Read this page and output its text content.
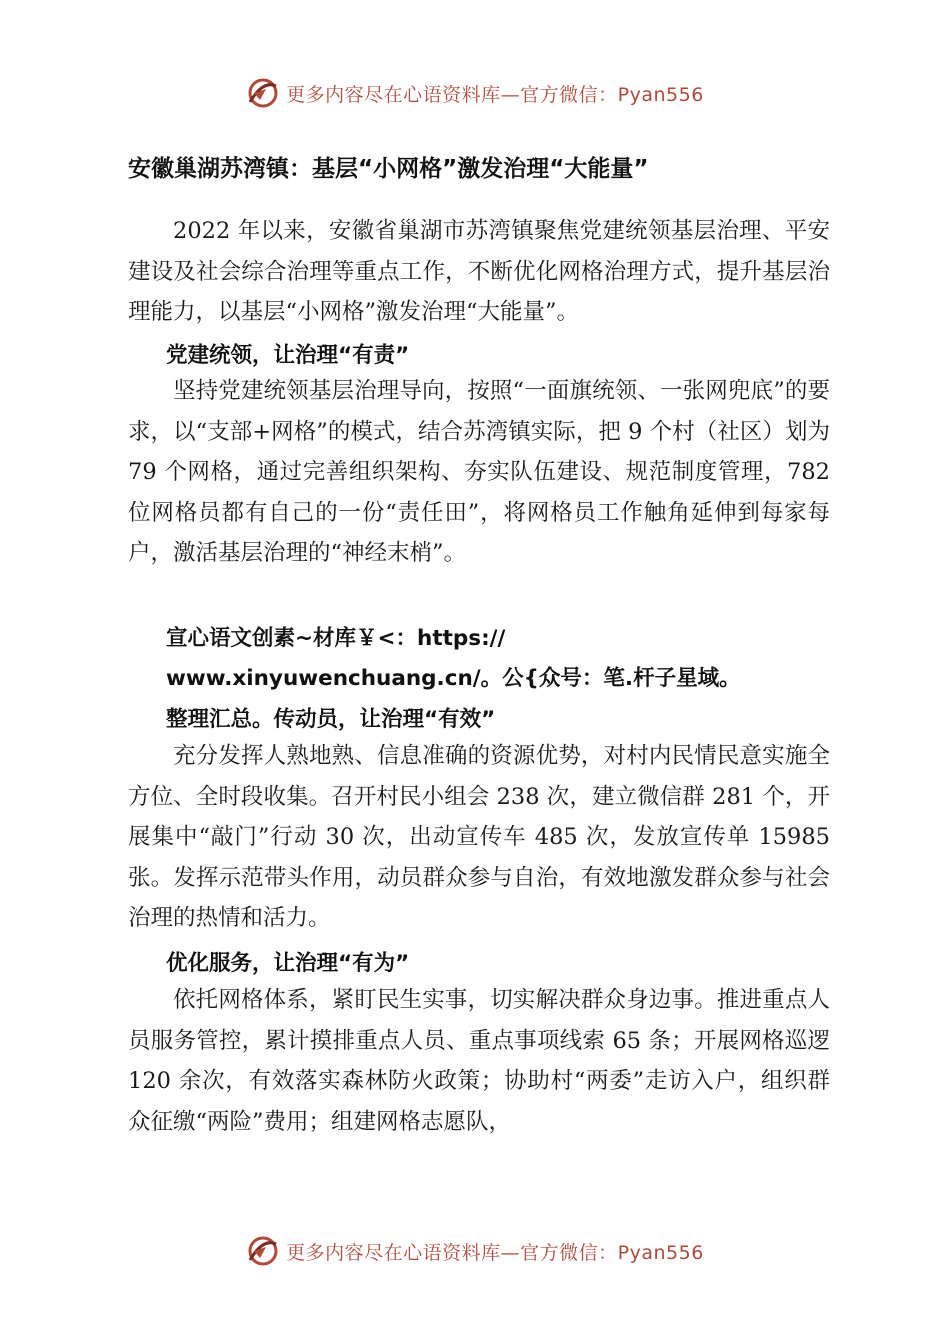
更多内容尽在心语资料库—官方微信：Pyan556
安徽巢湖苏湾镇：基层“小网格”激发治理“大能量”

2022 年以来，安徽省巢湖市苏湾镇聚焦党建统领基层治理、平安建设及社会综合治理等重点工作，不断优化网格治理方式，提升基层治理能力，以基层“小网格”激发治理“大能量”。

党建统领，让治理“有责”

坚持党建统领基层治理导向，按照“一面旗统领、一张网兜底”的要求，以“支部+网格”的模式，结合苏湾镇实际，把 9 个村（社区）划为 79 个网格，通过完善组织架构、夯实队伍建设、规范制度管理，782 位网格员都有自己的一份“责任田”，将网格员工作触角延伸到每家每户，激活基层治理的“神经末梢”。

宣心语文创素~材库￥<：https://

www.xinyuwenchuang.cn/。公{众号：笔.杆子星域。

整理汇总。传动员，让治理“有效”

充分发挥人熟地熟、信息准确的资源优势，对村内民情民意实施全方位、全时段收集。召开村民小组会 238 次，建立微信群 281 个，开展集中“敲门”行动 30 次，出动宣传车 485 次，发放宣传单 15985 张。发挥示范带头作用，动员群众参与自治，有效地激发群众参与社会治理的热情和活力。

优化服务，让治理“有为”

依托网格体系，紧盯民生实事，切实解决群众身边事。推进重点人员服务管控，累计摸排重点人员、重点事项线索 65 条；开展网格巡逻 120 余次，有效落实森林防火政策；协助村“两委”走访入户，组织群众征缴“两险”费用；组建网格志愿队，

更多内容尽在心语资料库—官方微信：Pyan556
